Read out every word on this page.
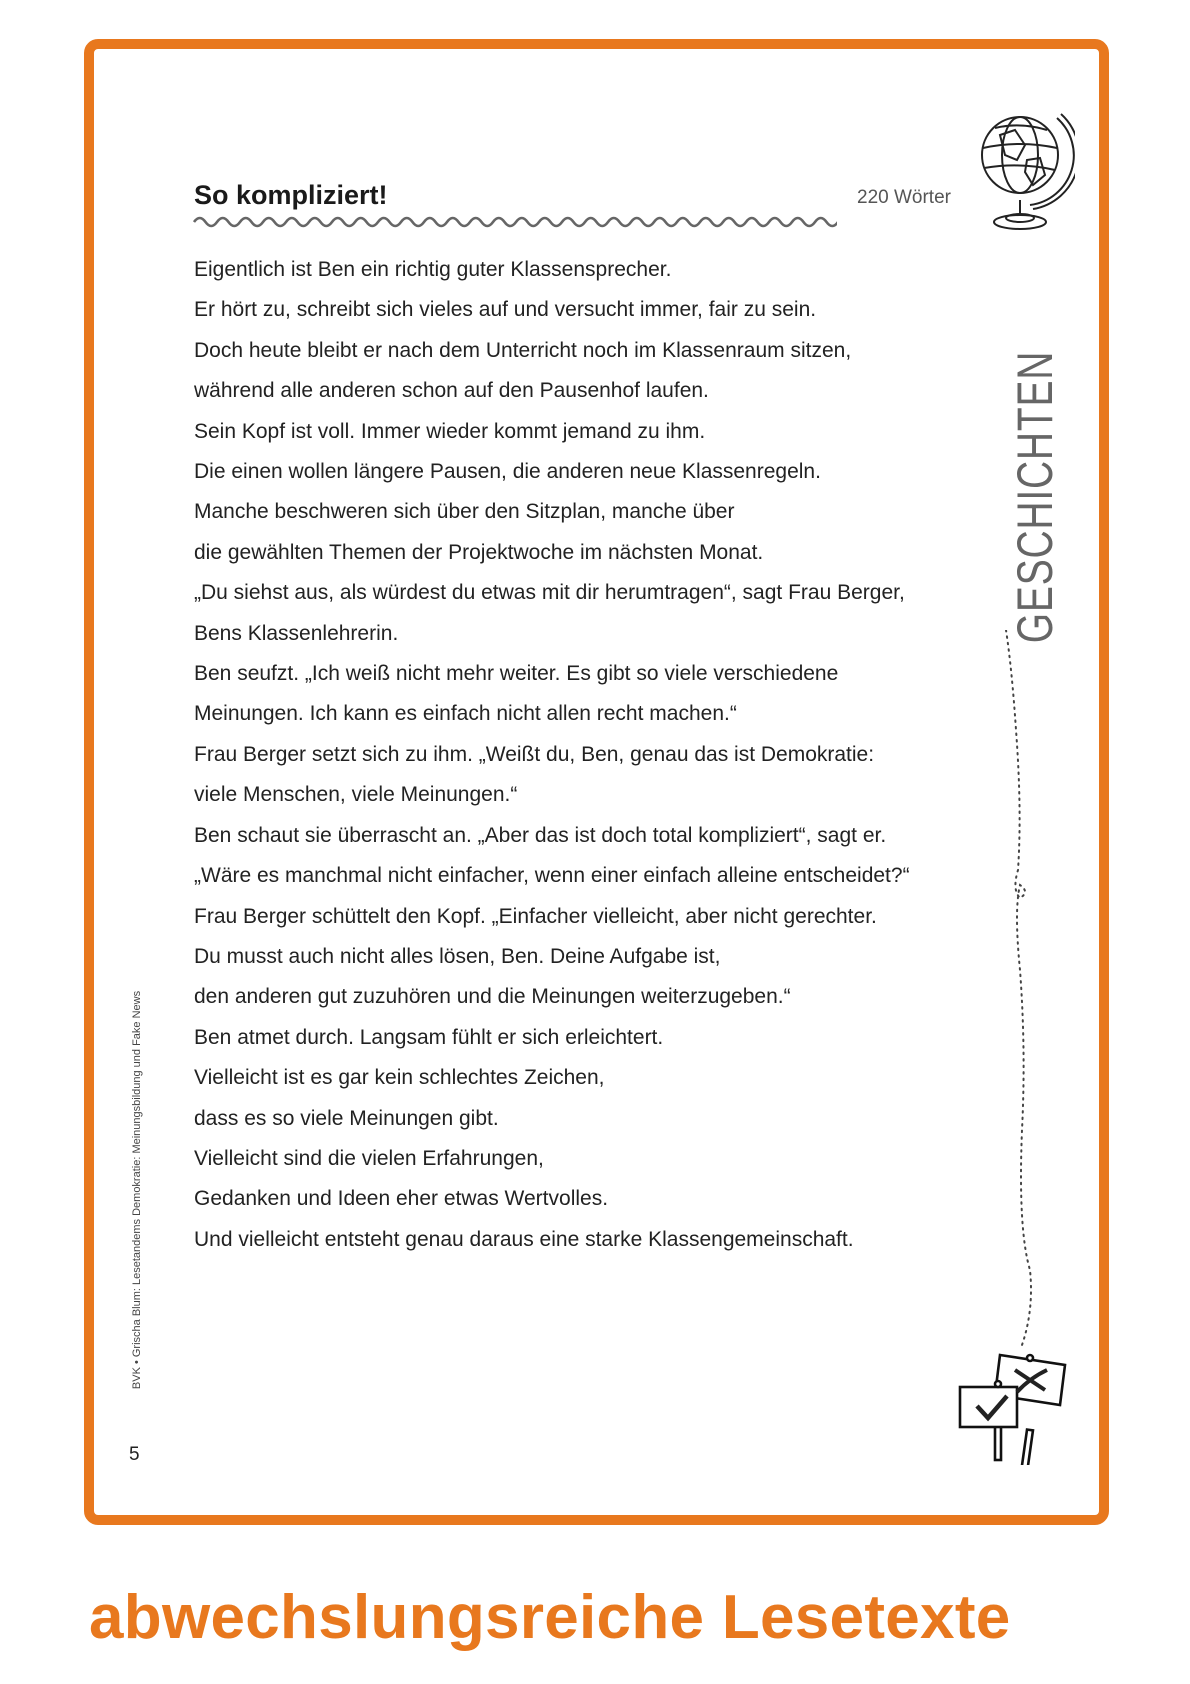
So kompliziert!	220 Wörter
Eigentlich ist Ben ein richtig guter Klassensprecher.
Er hört zu, schreibt sich vieles auf und versucht immer, fair zu sein.
Doch heute bleibt er nach dem Unterricht noch im Klassenraum sitzen,
während alle anderen schon auf den Pausenhof laufen.
Sein Kopf ist voll. Immer wieder kommt jemand zu ihm.
Die einen wollen längere Pausen, die anderen neue Klassenregeln.
Manche beschweren sich über den Sitzplan, manche über
die gewählten Themen der Projektwoche im nächsten Monat.
„Du siehst aus, als würdest du etwas mit dir herumtragen“, sagt Frau Berger,
Bens Klassenlehrerin.
Ben seufzt. „Ich weiß nicht mehr weiter. Es gibt so viele verschiedene
Meinungen. Ich kann es einfach nicht allen recht machen.“
Frau Berger setzt sich zu ihm. „Weißt du, Ben, genau das ist Demokratie:
viele Menschen, viele Meinungen.“
Ben schaut sie überrascht an. „Aber das ist doch total kompliziert“, sagt er.
„Wäre es manchmal nicht einfacher, wenn einer einfach alleine entscheidet?“
Frau Berger schüttelt den Kopf. „Einfacher vielleicht, aber nicht gerechter.
Du musst auch nicht alles lösen, Ben. Deine Aufgabe ist,
den anderen gut zuzuhören und die Meinungen weiterzugeben.“
Ben atmet durch. Langsam fühlt er sich erleichtert.
Vielleicht ist es gar kein schlechtes Zeichen,
dass es so viele Meinungen gibt.
Vielleicht sind die vielen Erfahrungen,
Gedanken und Ideen eher etwas Wertvolles.
Und vielleicht entsteht genau daraus eine starke Klassengemeinschaft.
GESCHICHTEN
BVK • Grischa Blum: Lesetandems Demokratie: Meinungsbildung und Fake News
5
abwechslungsreiche Lesetexte
